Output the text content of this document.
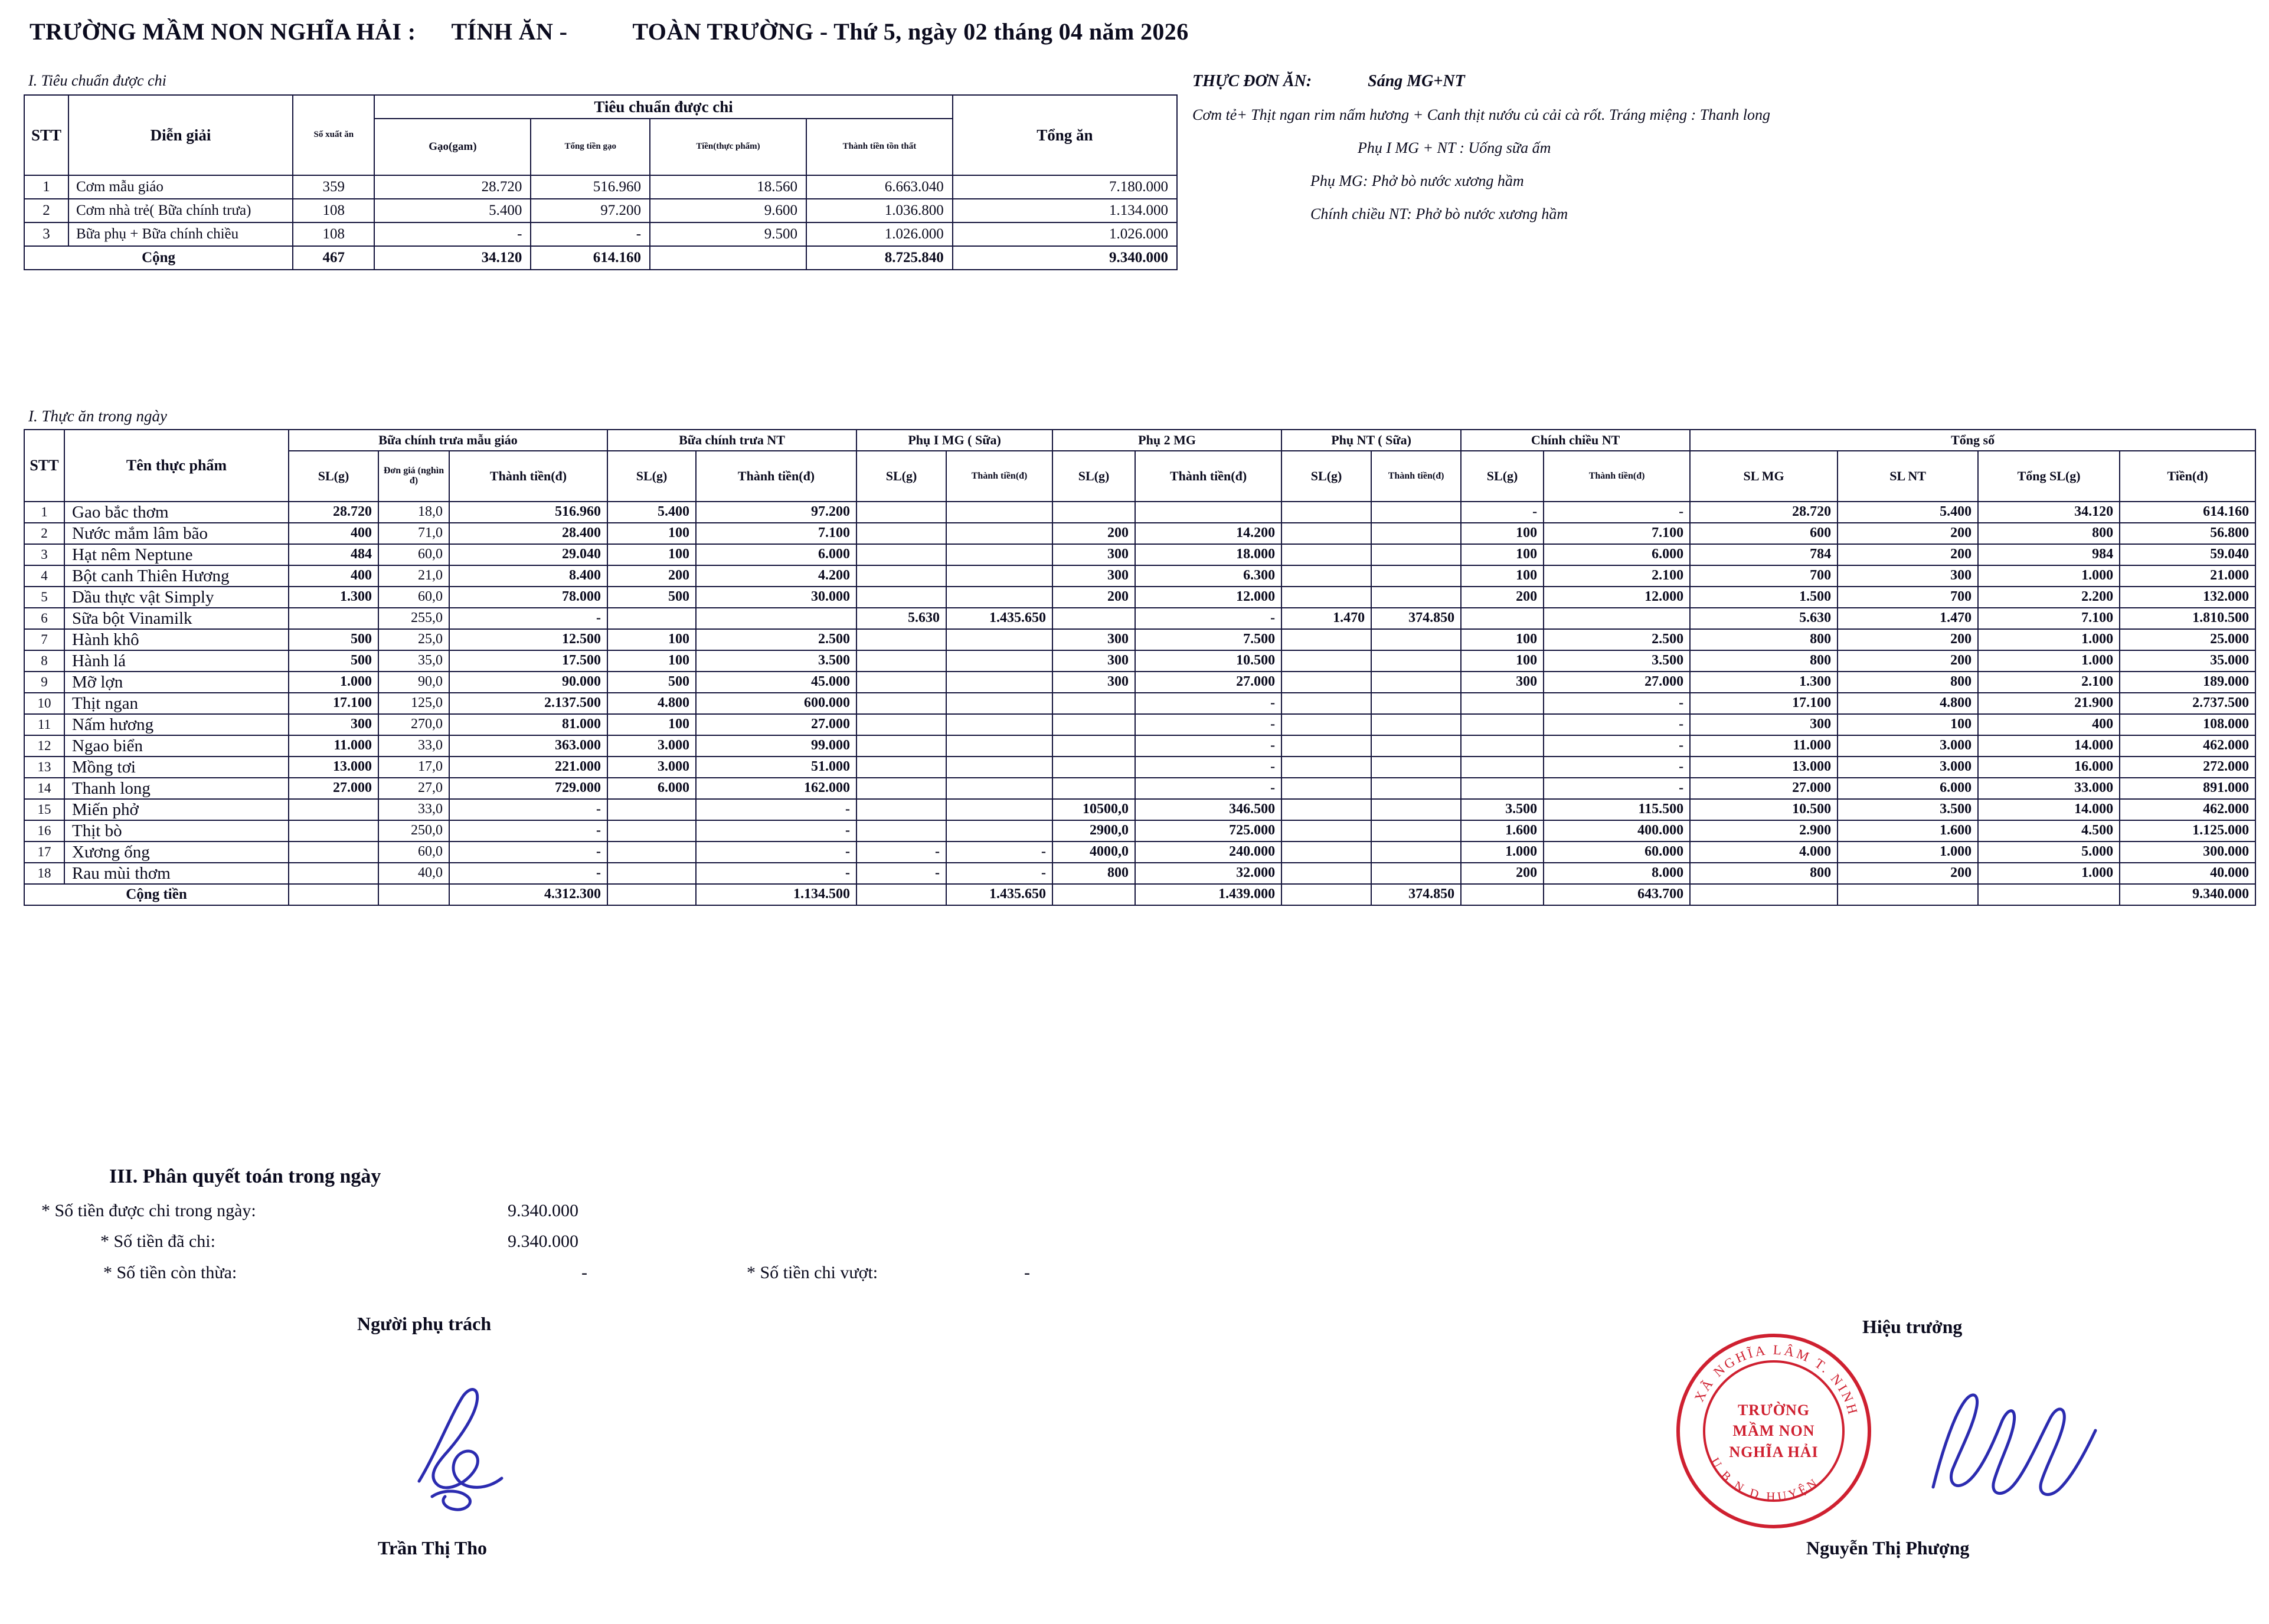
TRƯỜNG MẦM NON NGHĨA HẢI : TÍNH ĂN -	TOÀN TRƯỜNG - Thứ 5, ngày 02 tháng 04 năm 2026
I. Tiêu chuẩn được chi
I. Thực ăn trong ngày
STT	Diễn giải	Số xuất ăn	Tiêu chuẩn được chi				Tổng ăn
			Gạo(gam)	Tổng tiền gạo	Tiền(thực phẩm)	Thành tiền tồn thất	
1	Cơm mẫu giáo	359	28.720	516.960	18.560	6.663.040	7.180.000
2	Cơm nhà trẻ( Bữa chính trưa)	108	5.400	97.200	9.600	1.036.800	1.134.000
3	Bữa phụ + Bữa chính chiều	108	-	-	9.500	1.026.000	1.026.000
Cộng		467	34.120	614.160		8.725.840	9.340.000
THỰC ĐƠN ĂN:	Sáng MG+NT
Cơm tẻ+ Thịt ngan rim nấm hương + Canh thịt nướu củ cải cà rốt. Tráng miệng : Thanh long
Phụ I MG + NT : Uống sữa ấm
Phụ MG: Phở bò nước xương hầm
Chính chiều NT: Phở bò nước xương hầm
STT	Tên thực phẩm	Bữa chính trưa mẫu giáo			Bữa chính trưa NT		Phụ I MG ( Sữa)		Phụ 2 MG		Phụ NT ( Sữa)		Chính chiều NT		Tổng số			
		SL(g)	Đơn giá (nghìn đ)	Thành tiền(đ)	SL(g)	Thành tiền(đ)	SL(g)	Thành tiền(đ)	SL(g)	Thành tiền(đ)	SL(g)	Thành tiền(đ)	SL(g)	Thành tiền(đ)	SL MG	SL NT	Tổng SL(g)	Tiền(đ)
1	Gao bắc thơm	28.720	18,0	516.960	5.400	97.200							-	-	28.720	5.400	34.120	614.160
2	Nước mắm lâm bão	400	71,0	28.400	100	7.100			200	14.200			100	7.100	600	200	800	56.800
3	Hạt nêm Neptune	484	60,0	29.040	100	6.000			300	18.000			100	6.000	784	200	984	59.040
4	Bột canh Thiên Hương	400	21,0	8.400	200	4.200			300	6.300			100	2.100	700	300	1.000	21.000
5	Dầu thực vật Simply	1.300	60,0	78.000	500	30.000			200	12.000			200	12.000	1.500	700	2.200	132.000
6	Sữa bột Vinamilk		255,0	-			5.630	1.435.650		-	1.470	374.850			5.630	1.470	7.100	1.810.500
7	Hành khô	500	25,0	12.500	100	2.500			300	7.500			100	2.500	800	200	1.000	25.000
8	Hành lá	500	35,0	17.500	100	3.500			300	10.500			100	3.500	800	200	1.000	35.000
9	Mỡ lợn	1.000	90,0	90.000	500	45.000			300	27.000			300	27.000	1.300	800	2.100	189.000
10	Thịt ngan	17.100	125,0	2.137.500	4.800	600.000				-				-	17.100	4.800	21.900	2.737.500
11	Nấm hương	300	270,0	81.000	100	27.000				-				-	300	100	400	108.000
12	Ngao biển	11.000	33,0	363.000	3.000	99.000				-				-	11.000	3.000	14.000	462.000
13	Mồng tơi	13.000	17,0	221.000	3.000	51.000				-				-	13.000	3.000	16.000	272.000
14	Thanh long	27.000	27,0	729.000	6.000	162.000				-				-	27.000	6.000	33.000	891.000
15	Miến phở		33,0	-		-			10500,0	346.500			3.500	115.500	10.500	3.500	14.000	462.000
16	Thịt bò		250,0	-		-			2900,0	725.000			1.600	400.000	2.900	1.600	4.500	1.125.000
17	Xương ống		60,0	-		-	-	-	4000,0	240.000			1.000	60.000	4.000	1.000	5.000	300.000
18	Rau mùi thơm		40,0	-		-	-	-	800	32.000			200	8.000	800	200	1.000	40.000
Cộng tiền				4.312.300		1.134.500		1.435.650		1.439.000		374.850		643.700				9.340.000
III. Phân quyết toán trong ngày
* Số tiền được chi trong ngày:	9.340.000
* Số tiền đã chi:	9.340.000
* Số tiền còn thừa:	-	* Số tiền chi vượt:	-
Người phụ trách
Trần Thị Tho
Hiệu trưởng
Nguyễn Thị Phượng
XÃ NGHĨA LÂM T. NINH
U.B.N.D HUYỆN
TRƯỜNG
MẦM NON
NGHĨA HẢI
